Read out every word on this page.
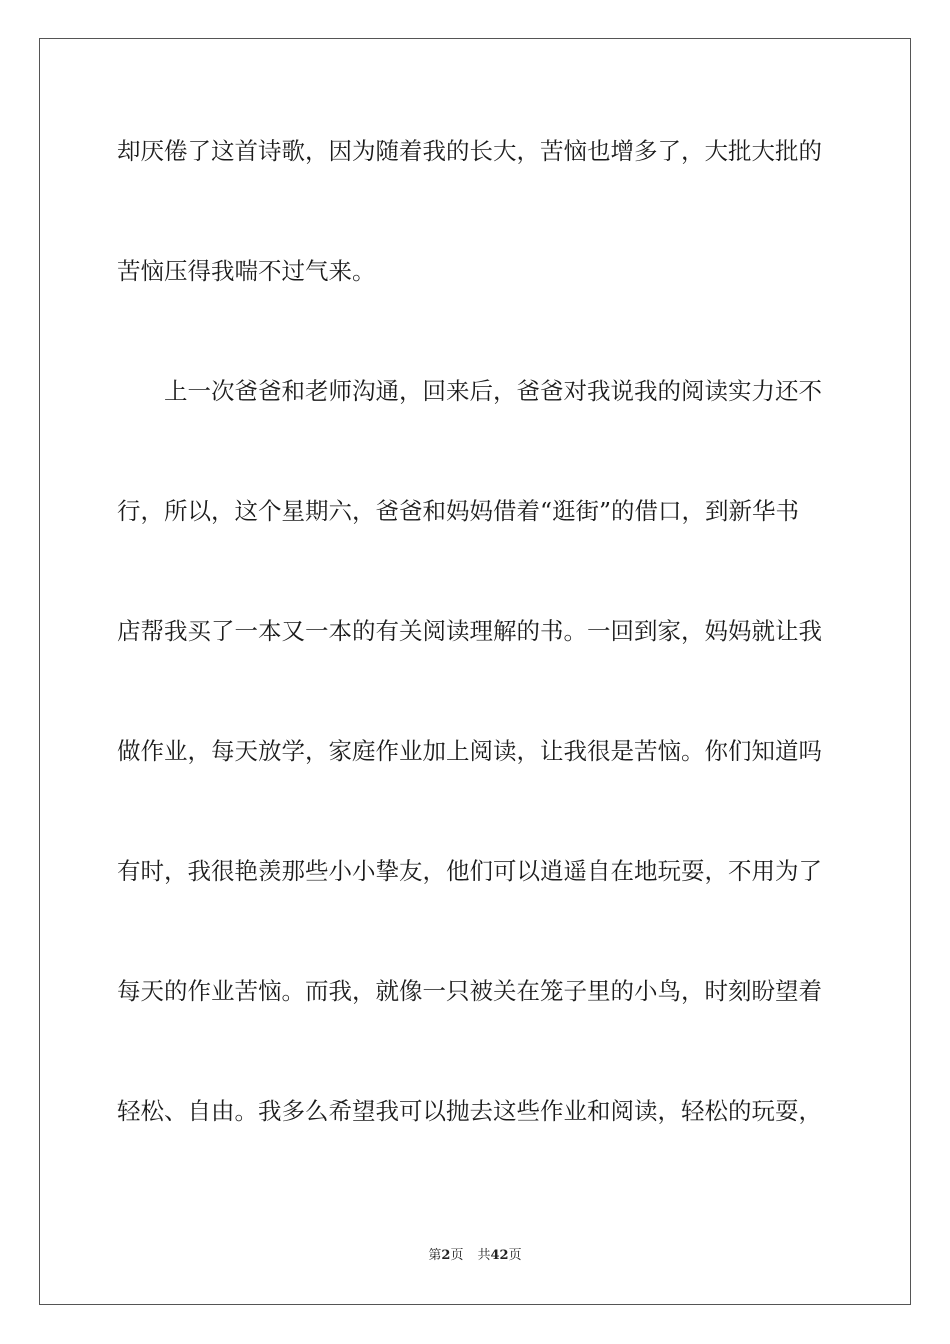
却厌倦了这首诗歌，因为随着我的长大，苦恼也增多了，大批大批的
苦恼压得我喘不过气来。
　　上一次爸爸和老师沟通，回来后，爸爸对我说我的阅读实力还不
行，所以，这个星期六，爸爸和妈妈借着“逛街”的借口，到新华书
店帮我买了一本又一本的有关阅读理解的书。一回到家，妈妈就让我
做作业，每天放学，家庭作业加上阅读，让我很是苦恼。你们知道吗
有时，我很艳羡那些小小挚友，他们可以逍遥自在地玩耍，不用为了
每天的作业苦恼。而我，就像一只被关在笼子里的小鸟，时刻盼望着
轻松、自由。我多么希望我可以抛去这些作业和阅读，轻松的玩耍，
第2页 共42页
